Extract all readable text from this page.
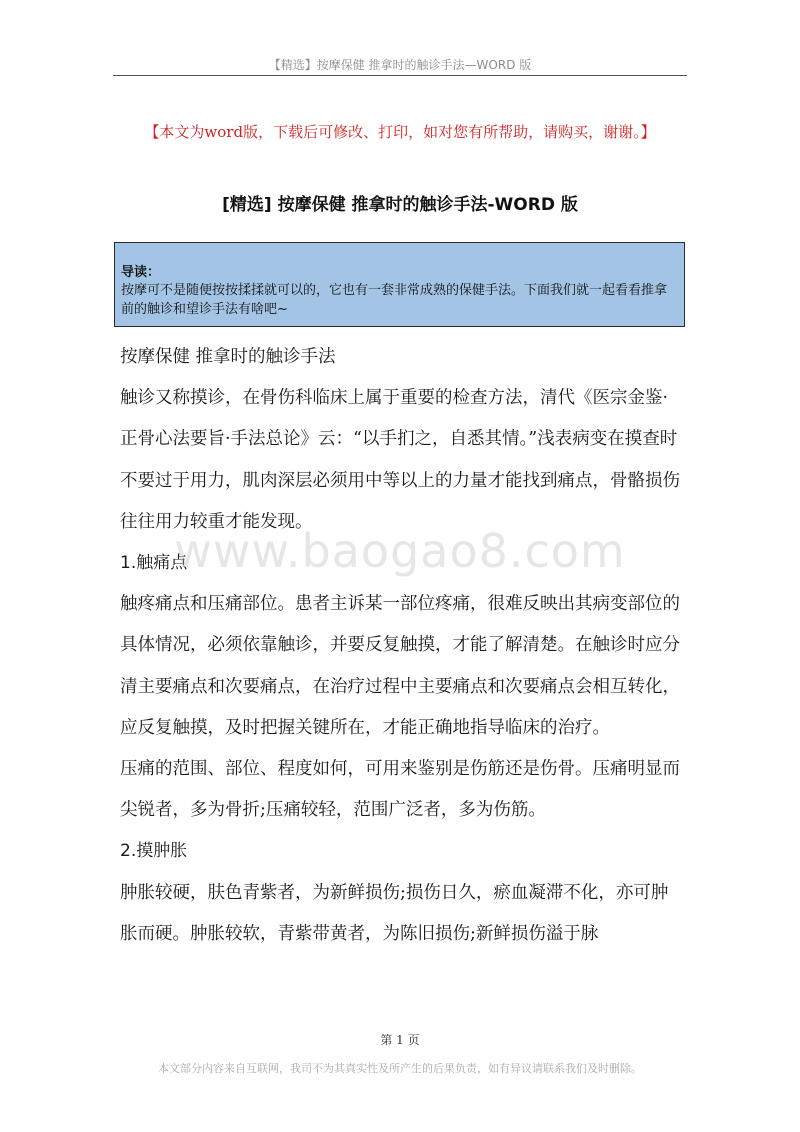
【精选】按摩保健 推拿时的触诊手法—WORD 版
【本文为word版，下载后可修改、打印，如对您有所帮助，请购买，谢谢。】
[精选] 按摩保健 推拿时的触诊手法-WORD 版
导读：
按摩可不是随便按按揉揉就可以的，它也有一套非常成熟的保健手法。下面我们就一起看看推拿前的触诊和望诊手法有啥吧~

按摩保健 推拿时的触诊手法

触诊又称摸诊，在骨伤科临床上属于重要的检查方法，清代《医宗金鉴·正骨心法要旨·手法总论》云：“以手扪之，自悉其情。”浅表病变在摸查时不要过于用力，肌肉深层必须用中等以上的力量才能找到痛点，骨骼损伤往往用力较重才能发现。

1.触痛点

触疼痛点和压痛部位。患者主诉某一部位疼痛，很难反映出其病变部位的具体情况，必须依靠触诊，并要反复触摸，才能了解清楚。在触诊时应分清主要痛点和次要痛点，在治疗过程中主要痛点和次要痛点会相互转化，应反复触摸，及时把握关键所在，才能正确地指导临床的治疗。

压痛的范围、部位、程度如何，可用来鉴别是伤筋还是伤骨。压痛明显而尖锐者，多为骨折;压痛较轻，范围广泛者，多为伤筋。

2.摸肿胀

肿胀较硬，肤色青紫者，为新鲜损伤;损伤日久，瘀血凝滞不化，亦可肿胀而硬。肿胀较软，青紫带黄者，为陈旧损伤;新鲜损伤溢于脉

www.baogao8.com
第 1 页
本文部分内容来自互联网，我司不为其真实性及所产生的后果负责，如有异议请联系我们及时删除。
